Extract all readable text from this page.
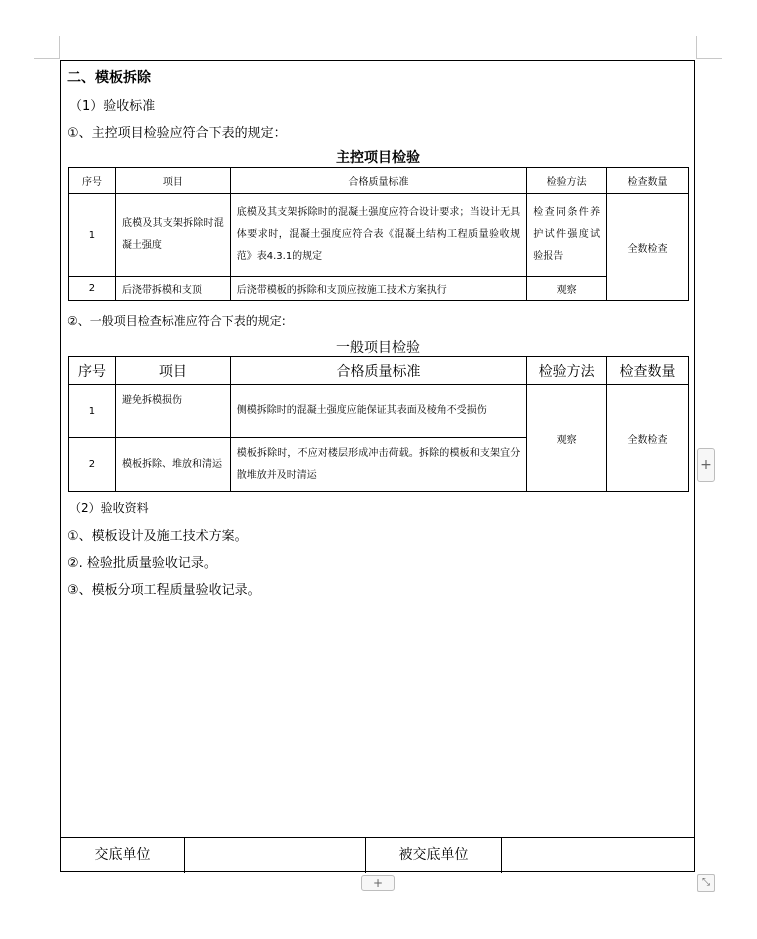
二、模板拆除
（1）验收标准
①、主控项目检验应符合下表的规定：
主控项目检验
序号	项目	合格质量标准	检验方法	检查数量
1	底模及其支架拆除时混凝土强度	底模及其支架拆除时的混凝土强度应符合设计要求；当设计无具体要求时，混凝土强度应符合表《混凝土结构工程质量验收规范》表4.3.1的规定	检查同条件养护试件强度试验报告	全数检查
2	后浇带拆模和支顶	后浇带模板的拆除和支顶应按施工技术方案执行	观察	
②、一般项目检查标准应符合下表的规定:
一般项目检验
序号	项目	合格质量标准	检验方法	检查数量
1	避免拆模损伤	侧模拆除时的混凝土强度应能保证其表面及棱角不受损伤	观察	全数检查
2	模板拆除、堆放和清运	模板拆除时，不应对楼层形成冲击荷载。拆除的模板和支架宜分散堆放并及时清运		
（2）验收资料
①、模板设计及施工技术方案。
②. 检验批质量验收记录。
③、模板分项工程质量验收记录。
交底单位	被交底单位
+
+	⤡
